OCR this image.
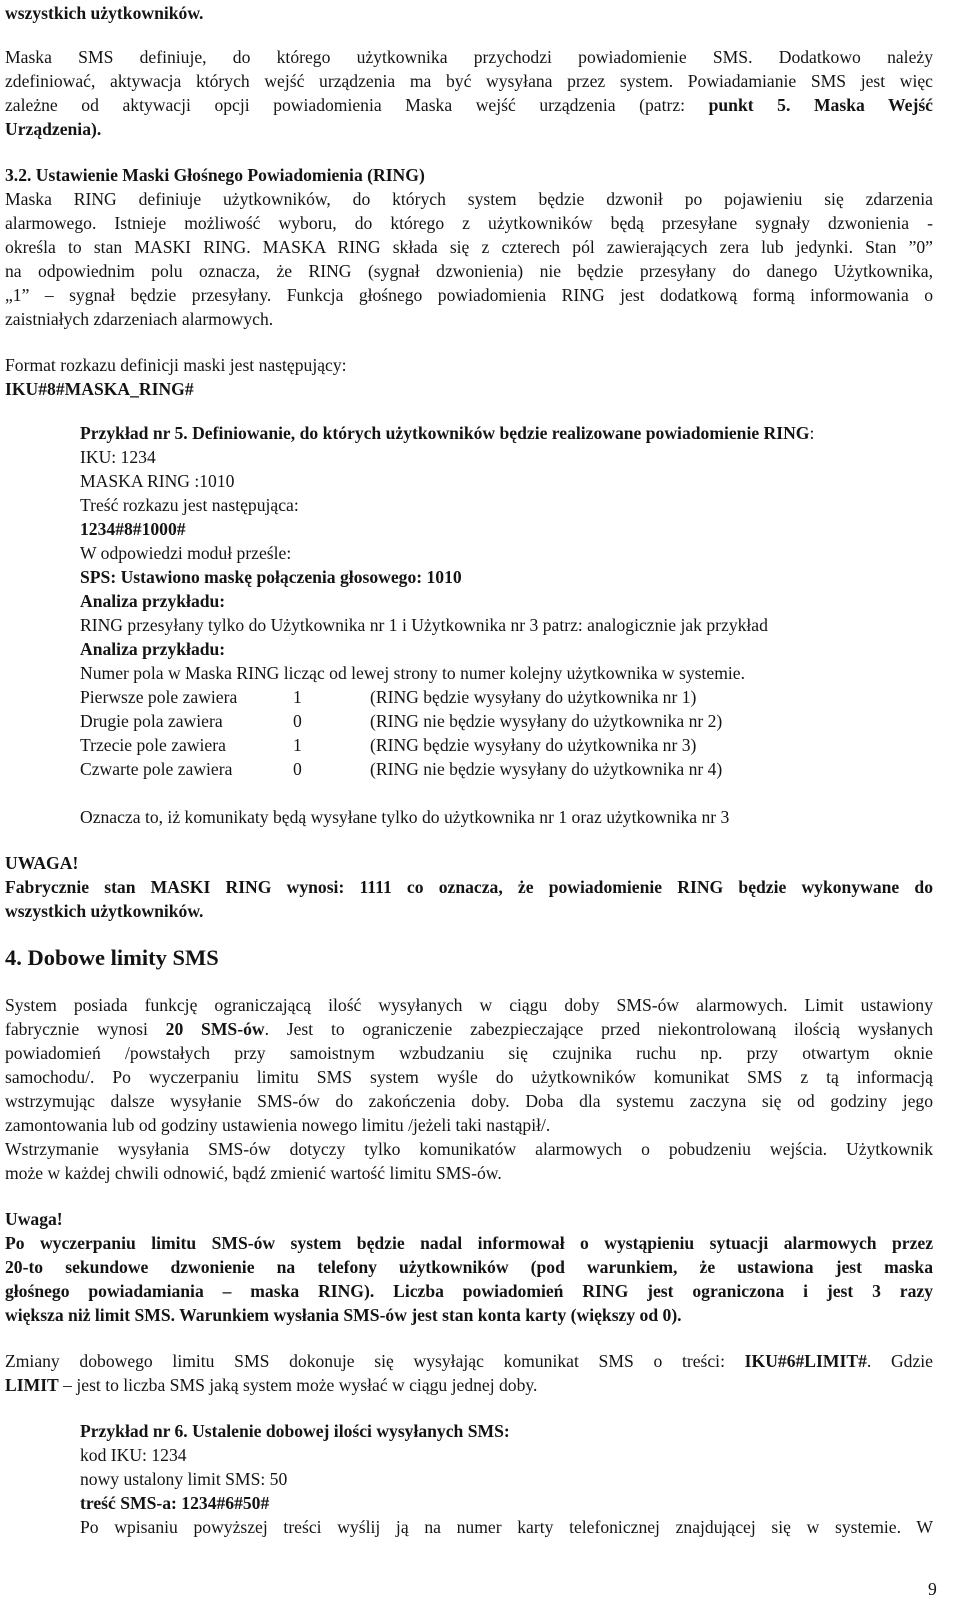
wszystkich użytkowników.
Maska SMS definiuje, do którego użytkownika przychodzi powiadomienie SMS. Dodatkowo należy
zdefiniować, aktywacja których wejść urządzenia ma być wysyłana przez system. Powiadamianie SMS jest więc
zależne od aktywacji opcji powiadomienia Maska wejść urządzenia (patrz: punkt 5. Maska Wejść
Urządzenia).
3.2. Ustawienie Maski Głośnego Powiadomienia (RING)
Maska RING definiuje użytkowników, do których system będzie dzwonił po pojawieniu się zdarzenia
alarmowego. Istnieje możliwość wyboru, do którego z użytkowników będą przesyłane sygnały dzwonienia -
określa to stan MASKI RING. MASKA RING składa się z czterech pól zawierających zera lub jedynki. Stan ”0”
na odpowiednim polu oznacza, że RING (sygnał dzwonienia) nie będzie przesyłany do danego Użytkownika,
„1” – sygnał będzie przesyłany. Funkcja głośnego powiadomienia RING jest dodatkową formą informowania o
zaistniałych zdarzeniach alarmowych.
Format rozkazu definicji maski jest następujący:
IKU#8#MASKA_RING#
Przykład nr 5. Definiowanie, do których użytkowników będzie realizowane powiadomienie RING:
IKU: 1234
MASKA RING :1010
Treść rozkazu jest następująca:
1234#8#1000#
W odpowiedzi moduł prześle:
SPS: Ustawiono maskę połączenia głosowego: 1010
Analiza przykładu:
RING przesyłany tylko do Użytkownika nr 1 i Użytkownika nr 3 patrz: analogicznie jak przykład
Analiza przykładu:
Numer pola w Maska RING licząc od lewej strony to numer kolejny użytkownika w systemie.
Pierwsze pole zawiera	1	(RING będzie wysyłany do użytkownika nr 1)
Drugie pola zawiera	0	(RING nie będzie wysyłany do użytkownika nr 2)
Trzecie pole zawiera	1	(RING będzie wysyłany do użytkownika nr 3)
Czwarte pole zawiera	0	(RING nie będzie wysyłany do użytkownika nr 4)
Oznacza to, iż komunikaty będą wysyłane tylko do użytkownika nr 1 oraz użytkownika nr 3
UWAGA!
Fabrycznie stan MASKI RING wynosi: 1111 co oznacza, że powiadomienie RING będzie wykonywane do
wszystkich użytkowników.
4. Dobowe limity SMS
System posiada funkcję ograniczającą ilość wysyłanych w ciągu doby SMS-ów alarmowych. Limit ustawiony
fabrycznie wynosi 20 SMS-ów. Jest to ograniczenie zabezpieczające przed niekontrolowaną ilością wysłanych
powiadomień /powstałych przy samoistnym wzbudzaniu się czujnika ruchu np. przy otwartym oknie
samochodu/. Po wyczerpaniu limitu SMS system wyśle do użytkowników komunikat SMS z tą informacją
wstrzymując dalsze wysyłanie SMS-ów do zakończenia doby. Doba dla systemu zaczyna się od godziny jego
zamontowania lub od godziny ustawienia nowego limitu /jeżeli taki nastąpił/.
Wstrzymanie wysyłania SMS-ów dotyczy tylko komunikatów alarmowych o pobudzeniu wejścia. Użytkownik
może w każdej chwili odnowić, bądź zmienić wartość limitu SMS-ów.
Uwaga!
Po wyczerpaniu limitu SMS-ów system będzie nadal informował o wystąpieniu sytuacji alarmowych przez
20-to sekundowe dzwonienie na telefony użytkowników (pod warunkiem, że ustawiona jest maska
głośnego powiadamiania – maska RING). Liczba powiadomień RING jest ograniczona i jest 3 razy
większa niż limit SMS. Warunkiem wysłania SMS-ów jest stan konta karty (większy od 0).
Zmiany dobowego limitu SMS dokonuje się wysyłając komunikat SMS o treści: IKU#6#LIMIT#. Gdzie
LIMIT – jest to liczba SMS jaką system może wysłać w ciągu jednej doby.
Przykład nr 6. Ustalenie dobowej ilości wysyłanych SMS:
kod IKU: 1234
nowy ustalony limit SMS: 50
treść SMS-a: 1234#6#50#
Po wpisaniu powyższej treści wyślij ją na numer karty telefonicznej znajdującej się w systemie. W
9
